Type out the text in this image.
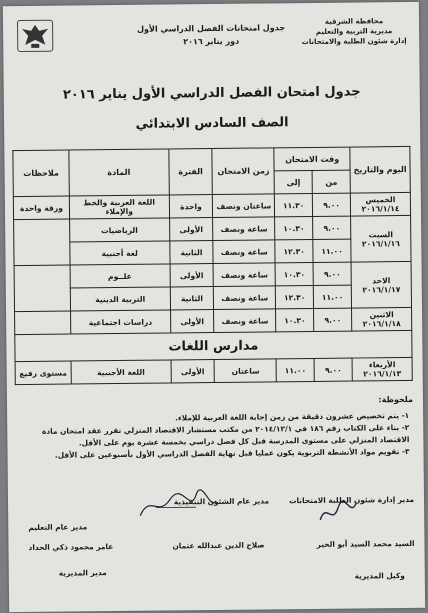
محافظة الشرقية
مديرية التربية والتعليم
إدارة شئون الطلبة والامتحانات
جدول امتحانات الفصل الدراسي الأول
دور يناير ٢٠١٦
جدول امتحان الفصل الدراسي الأول يناير ٢٠١٦
الصف السادس الابتدائي
اليوم والتاريخ	وقت الامتحان		زمن الامتحان	الفترة	المادة	ملاحظات
	من	إلى				

الخميس
٢٠١٦/١/١٤	٩.٠٠	١١.٣٠	ساعتان ونصف	واحدة	اللغة العربية والخط والإملاء	ورقة واحدة

السبت
٢٠١٦/١/١٦	٩.٠٠	١٠.٣٠	ساعة ونصف	الأولى	الرياضيات	
	١١.٠٠	١٢.٣٠	ساعة ونصف	الثانية	لغة أجنبية	

الاحد
٢٠١٦/١/١٧	٩.٠٠	١٠.٣٠	ساعة ونصف	الأولى	علــوم	
	١١.٠٠	١٢.٣٠	ساعة ونصف	الثانية	التربية الدينية	

الاثنين
٢٠١٦/١/١٨	٩.٠٠	١٠.٣٠	ساعة ونصف	الأولى	دراسات اجتماعية	
مدارس اللغات						

الأربعاء
٢٠١٦/١/١٣	٩.٠٠	١١.٠٠	ساعتان	الأولى	اللغة الأجنبية	مستوى رفيع
ملحوظة:
١- يتم تخصيص عشرون دقيقة من زمن إجابة اللغة العربية للإملاء.
٢- بناء على الكتاب رقم ١٨٦ في ٢٠١٤/١٢/١ من مكتب مستشار الاقتصاد المنزلي تقرر عقد امتحان مادة الاقتصاد المنزلي على مستوى المدرسة قبل كل فصل دراسي بخمسة عشرة يوم على الأقل.
٣- تقويم مواد الأنشطة التربوية يكون عمليا قبل نهاية الفصل الدراسي الأول بأسبوعين على الأقل.
مدير إدارة شئون الطلبة الامتحانات
مدير عام الشئون التنفيذية
مدير عام التعليم
السيد محمد السيد أبو الخير
صلاح الدين عبدالله عثمان
عامر محمود ذكي الحداد
وكيل المديرية
مدير المديرية
